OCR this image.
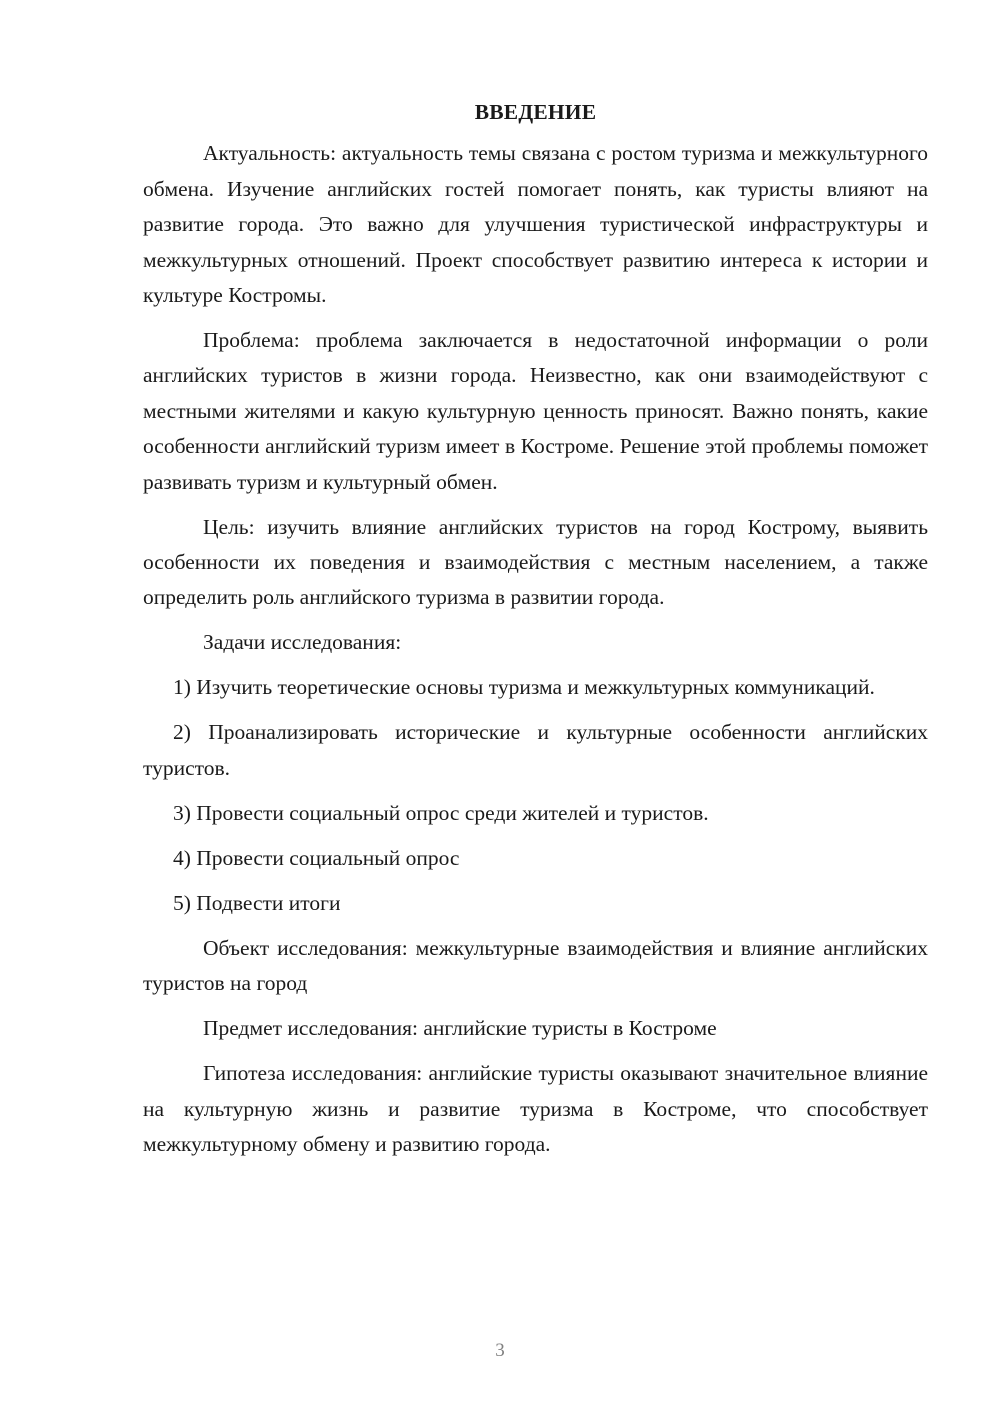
ВВЕДЕНИЕ

Актуальность: актуальность темы связана с ростом туризма и межкультурного обмена. Изучение английских гостей помогает понять, как туристы влияют на развитие города. Это важно для улучшения туристической инфраструктуры и межкультурных отношений. Проект способствует развитию интереса к истории и культуре Костромы.

Проблема: проблема заключается в недостаточной информации о роли английских туристов в жизни города. Неизвестно, как они взаимодействуют с местными жителями и какую культурную ценность приносят. Важно понять, какие особенности английский туризм имеет в Костроме. Решение этой проблемы поможет развивать туризм и культурный обмен.

Цель: изучить влияние английских туристов на город Кострому, выявить особенности их поведения и взаимодействия с местным населением, а также определить роль английского туризма в развитии города.

Задачи исследования:

1) Изучить теоретические основы туризма и межкультурных коммуникаций.

2) Проанализировать исторические и культурные особенности английских туристов.

3) Провести социальный опрос среди жителей и туристов.

4) Провести социальный опрос

5) Подвести итоги

Объект исследования: межкультурные взаимодействия и влияние английских туристов на город

Предмет исследования: английские туристы в Костроме

Гипотеза исследования: английские туристы оказывают значительное влияние на культурную жизнь и развитие туризма в Костроме, что способствует межкультурному обмену и развитию города.

3
